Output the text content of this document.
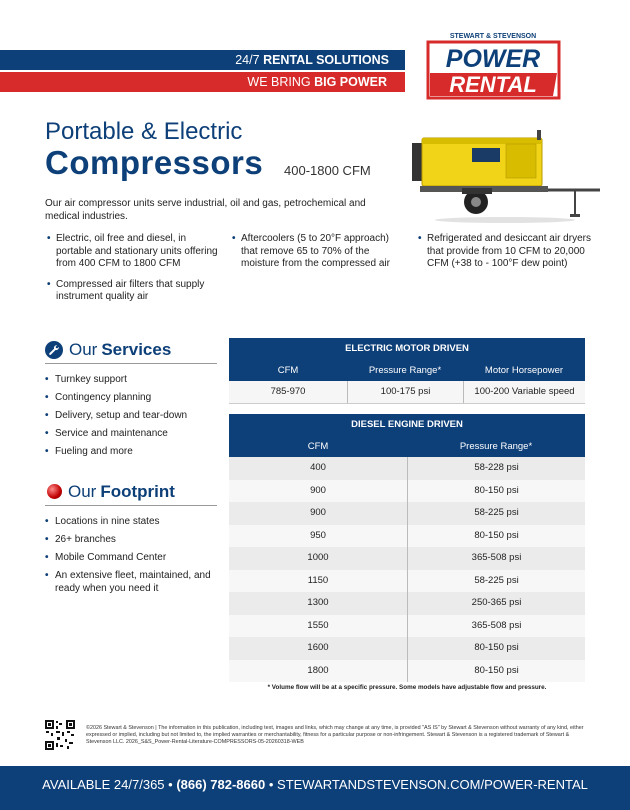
24/7 RENTAL SOLUTIONS
WE BRING BIG POWER
STEWART & STEVENSON
POWER
RENTAL
Portable & Electric
Compressors 400-1800 CFM
Our air compressor units serve industrial, oil and gas, petrochemical and medical industries.
• Electric, oil free and diesel, in portable and stationary units offering from 400 CFM to 1800 CFM
• Compressed air filters that supply instrument quality air
• Aftercoolers (5 to 20°F approach) that remove 65 to 70% of the moisture from the compressed air
• Refrigerated and desiccant air dryers that provide from 10 CFM to 20,000 CFM (+38 to - 100°F dew point)
Our Services
• Turnkey support
• Contingency planning
• Delivery, setup and tear-down
• Service and maintenance
• Fueling and more
Our Footprint
• Locations in nine states
• 26+ branches
• Mobile Command Center
• An extensive fleet, maintained, and ready when you need it
ELECTRIC MOTOR DRIVEN
CFM	Pressure Range*	Motor Horsepower
785-970	100-175 psi	100-200 Variable speed
DIESEL ENGINE DRIVEN
CFM	Pressure Range*
400	58-228 psi
900	80-150 psi
900	58-225 psi
950	80-150 psi
1000	365-508 psi
1150	58-225 psi
1300	250-365 psi
1550	365-508 psi
1600	80-150 psi
1800	80-150 psi
* Volume flow will be at a specific pressure. Some models have adjustable flow and pressure.
©2026 Stewart & Stevenson | The information in this publication, including text, images and links, which may change at any time, is provided "AS IS" by Stewart & Stevenson without warranty of any kind, either expressed or implied, including but not limited to, the implied warranties or merchantability, fitness for a particular purpose or non-infringement. Stewart & Stevenson is a registered trademark of Stewart & Stevenson LLC. 2026_S&S_Power-Rental-Literature-COMPRESSORS-05-20260318-WEB
AVAILABLE 24/7/365 • (866) 782-8660 • STEWARTANDSTEVENSON.COM/POWER-RENTAL
